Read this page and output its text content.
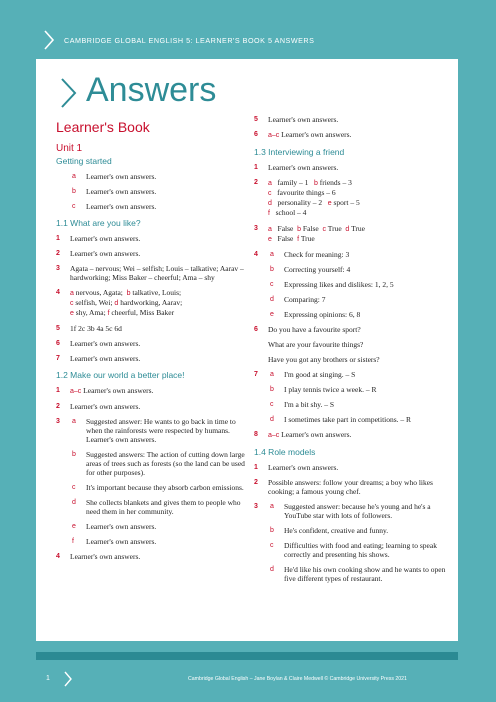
CAMBRIDGE GLOBAL ENGLISH 5: LEARNER'S BOOK 5 ANSWERS
Answers
Learner's Book
Unit 1
Getting started
a Learner's own answers.
b Learner's own answers.
c Learner's own answers.
1.1 What are you like?
1 Learner's own answers.
2 Learner's own answers.
3 Agata – nervous; Wei – selfish; Louis – talkative; Aarav – hardworking; Miss Baker – cheerful; Ama – shy
4 a nervous, Agata; b talkative, Louis;
c selfish, Wei; d hardworking, Aarav;
e shy, Ama; f cheerful, Miss Baker
5 1f 2c 3b 4a 5c 6d
6 Learner's own answers.
7 Learner's own answers.
1.2 Make our world a better place!
1 a–c Learner's own answers.
2 Learner's own answers.
3 a Suggested answer: He wants to go back in time to when the rainforests were respected by humans. Learner's own answers.
b Suggested answers: The action of cutting down large areas of trees such as forests (so the land can be used for other purposes).
c It's important because they absorb carbon emissions.
d She collects blankets and gives them to people who need them in her community.
e Learner's own answers.
f Learner's own answers.
4 Learner's own answers.
5 Learner's own answers.
6 a–c Learner's own answers.
1.3 Interviewing a friend
1 Learner's own answers.
2 a family – 1 b friends – 3
c favourite things – 6
d personality – 2 e sport – 5
f school – 4
3 a False b False c True d True
e False f True
4 a Check for meaning: 3
b Correcting yourself: 4
c Expressing likes and dislikes: 1, 2, 5
d Comparing: 7
e Expressing opinions: 6, 8
6 Do you have a favourite sport?
What are your favourite things?
Have you got any brothers or sisters?
7 a I'm good at singing. – S
b I play tennis twice a week. – R
c I'm a bit shy. – S
d I sometimes take part in competitions. – R
8 a–c Learner's own answers.
1.4 Role models
1 Learner's own answers.
2 Possible answers: follow your dreams; a boy who likes cooking; a famous young chef.
3 a Suggested answer: because he's young and he's a YouTube star with lots of followers.
b He's confident, creative and funny.
c Difficulties with food and eating; learning to speak correctly and presenting his shows.
d He'd like his own cooking show and he wants to open five different types of restaurant.
1	Cambridge Global English – Jane Boylan & Claire Medwell © Cambridge University Press 2021
